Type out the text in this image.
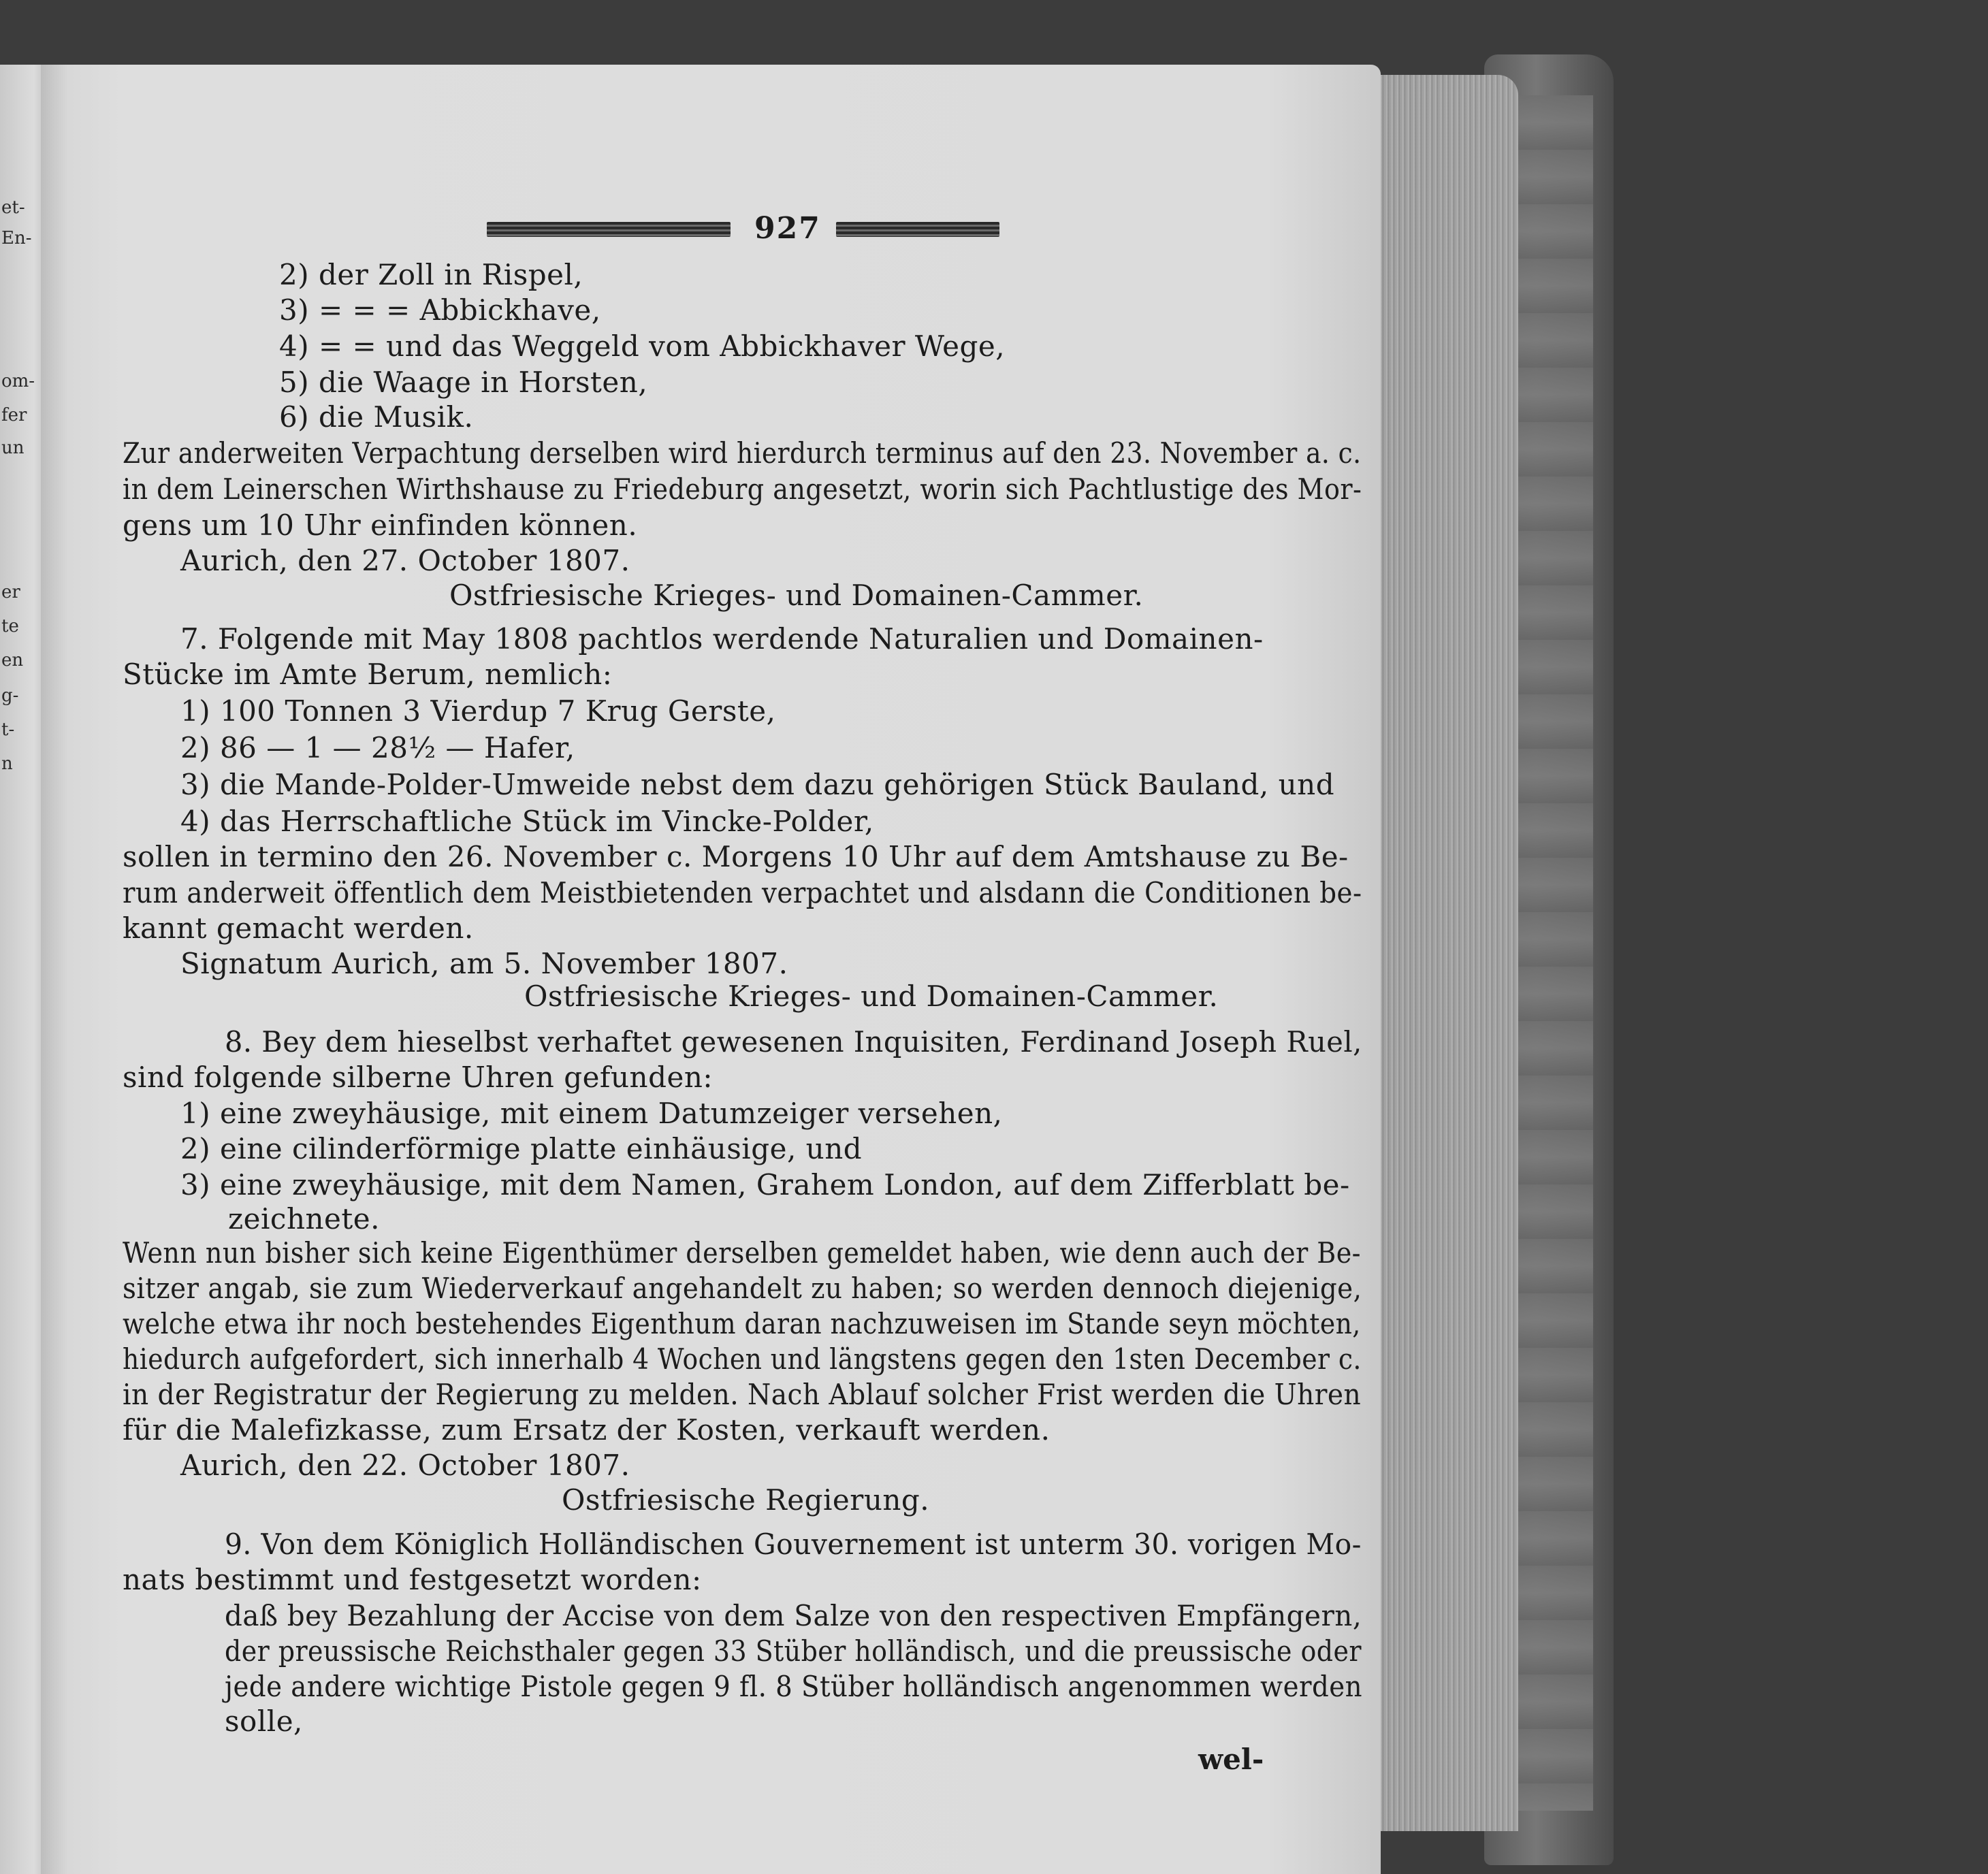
et-
En-
om-
fer
un
er
te
en
g-
t-
n
927
2) der Zoll in Rispel,
3) = = = Abbickhave,
4) = = und das Weggeld vom Abbickhaver Wege,
5) die Waage in Horsten,
6) die Musik.
Zur anderweiten Verpachtung derselben wird hierdurch terminus auf den 23. November a. c.
in dem Leinerschen Wirthshause zu Friedeburg angesetzt, worin sich Pachtlustige des Mor-
gens um 10 Uhr einfinden können.
Aurich, den 27. October 1807.
Ostfriesische Krieges- und Domainen-Cammer.
7. Folgende mit May 1808 pachtlos werdende Naturalien und Domainen-
Stücke im Amte Berum, nemlich:
1) 100 Tonnen 3 Vierdup 7 Krug Gerste,
2) 86 — 1 — 28½ — Hafer,
3) die Mande-Polder-Umweide nebst dem dazu gehörigen Stück Bauland, und
4) das Herrschaftliche Stück im Vincke-Polder,
sollen in termino den 26. November c. Morgens 10 Uhr auf dem Amtshause zu Be-
rum anderweit öffentlich dem Meistbietenden verpachtet und alsdann die Conditionen be-
kannt gemacht werden.
Signatum Aurich, am 5. November 1807.
Ostfriesische Krieges- und Domainen-Cammer.
8. Bey dem hieselbst verhaftet gewesenen Inquisiten, Ferdinand Joseph Ruel,
sind folgende silberne Uhren gefunden:
1) eine zweyhäusige, mit einem Datumzeiger versehen,
2) eine cilinderförmige platte einhäusige, und
3) eine zweyhäusige, mit dem Namen, Grahem London, auf dem Zifferblatt be-
zeichnete.
Wenn nun bisher sich keine Eigenthümer derselben gemeldet haben, wie denn auch der Be-
sitzer angab, sie zum Wiederverkauf angehandelt zu haben; so werden dennoch diejenige,
welche etwa ihr noch bestehendes Eigenthum daran nachzuweisen im Stande seyn möchten,
hiedurch aufgefordert, sich innerhalb 4 Wochen und längstens gegen den 1sten December c.
in der Registratur der Regierung zu melden. Nach Ablauf solcher Frist werden die Uhren
für die Malefizkasse, zum Ersatz der Kosten, verkauft werden.
Aurich, den 22. October 1807.
Ostfriesische Regierung.
9. Von dem Königlich Holländischen Gouvernement ist unterm 30. vorigen Mo-
nats bestimmt und festgesetzt worden:
daß bey Bezahlung der Accise von dem Salze von den respectiven Empfängern,
der preussische Reichsthaler gegen 33 Stüber holländisch, und die preussische oder
jede andere wichtige Pistole gegen 9 fl. 8 Stüber holländisch angenommen werden
solle,
wel-
